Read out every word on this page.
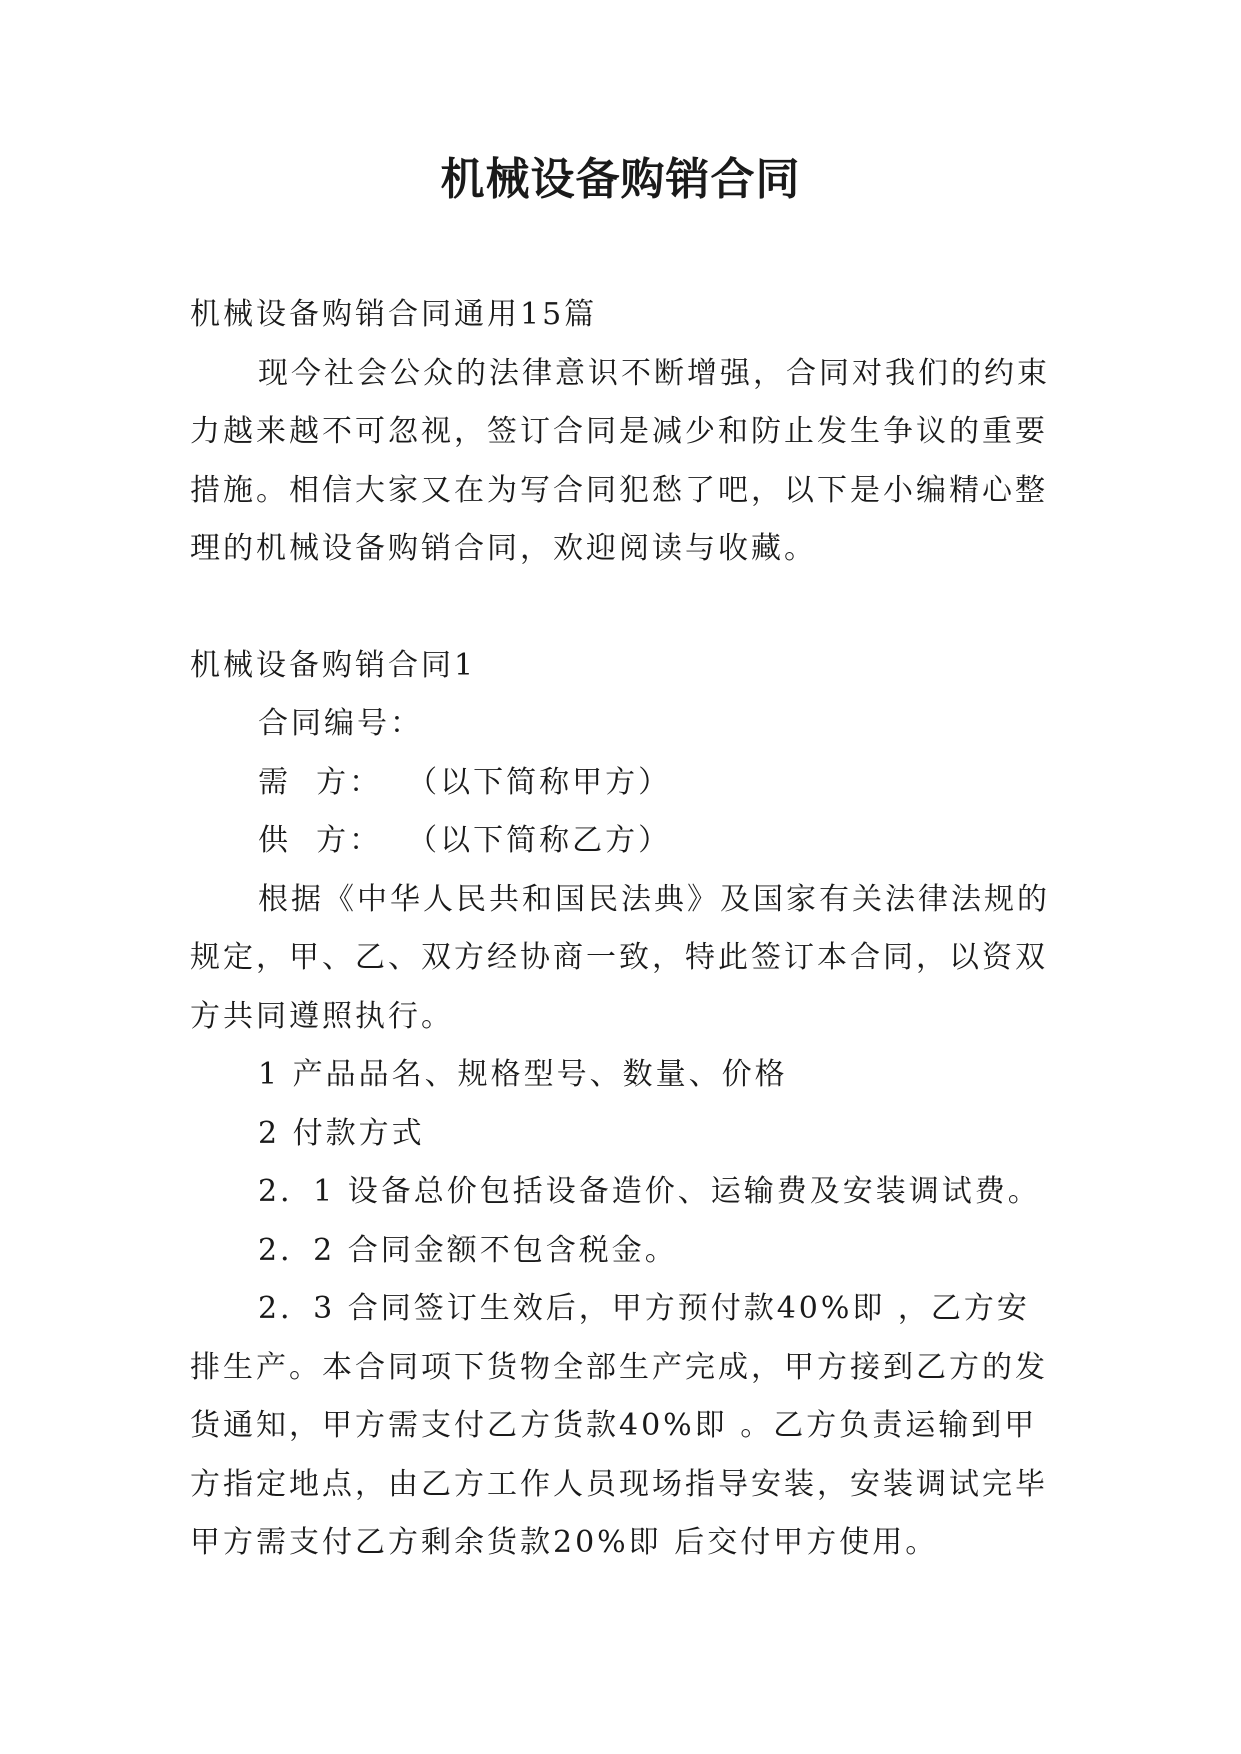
机械设备购销合同

机械设备购销合同通用15篇

现今社会公众的法律意识不断增强，合同对我们的约束力越来越不可忽视，签订合同是减少和防止发生争议的重要措施。相信大家又在为写合同犯愁了吧，以下是小编精心整理的机械设备购销合同，欢迎阅读与收藏。

机械设备购销合同1

合同编号：

需  方：  （以下简称甲方）

供  方：  （以下简称乙方）

根据《中华人民共和国民法典》及国家有关法律法规的规定，甲、乙、双方经协商一致，特此签订本合同，以资双方共同遵照执行。

1 产品品名、规格型号、数量、价格

2 付款方式

2．1 设备总价包括设备造价、运输费及安装调试费。

2．2 合同金额不包含税金。

2．3 合同签订生效后，甲方预付款40%即 ，乙方安排生产。本合同项下货物全部生产完成，甲方接到乙方的发货通知，甲方需支付乙方货款40%即 。乙方负责运输到甲方指定地点，由乙方工作人员现场指导安装，安装调试完毕甲方需支付乙方剩余货款20%即 后交付甲方使用。
